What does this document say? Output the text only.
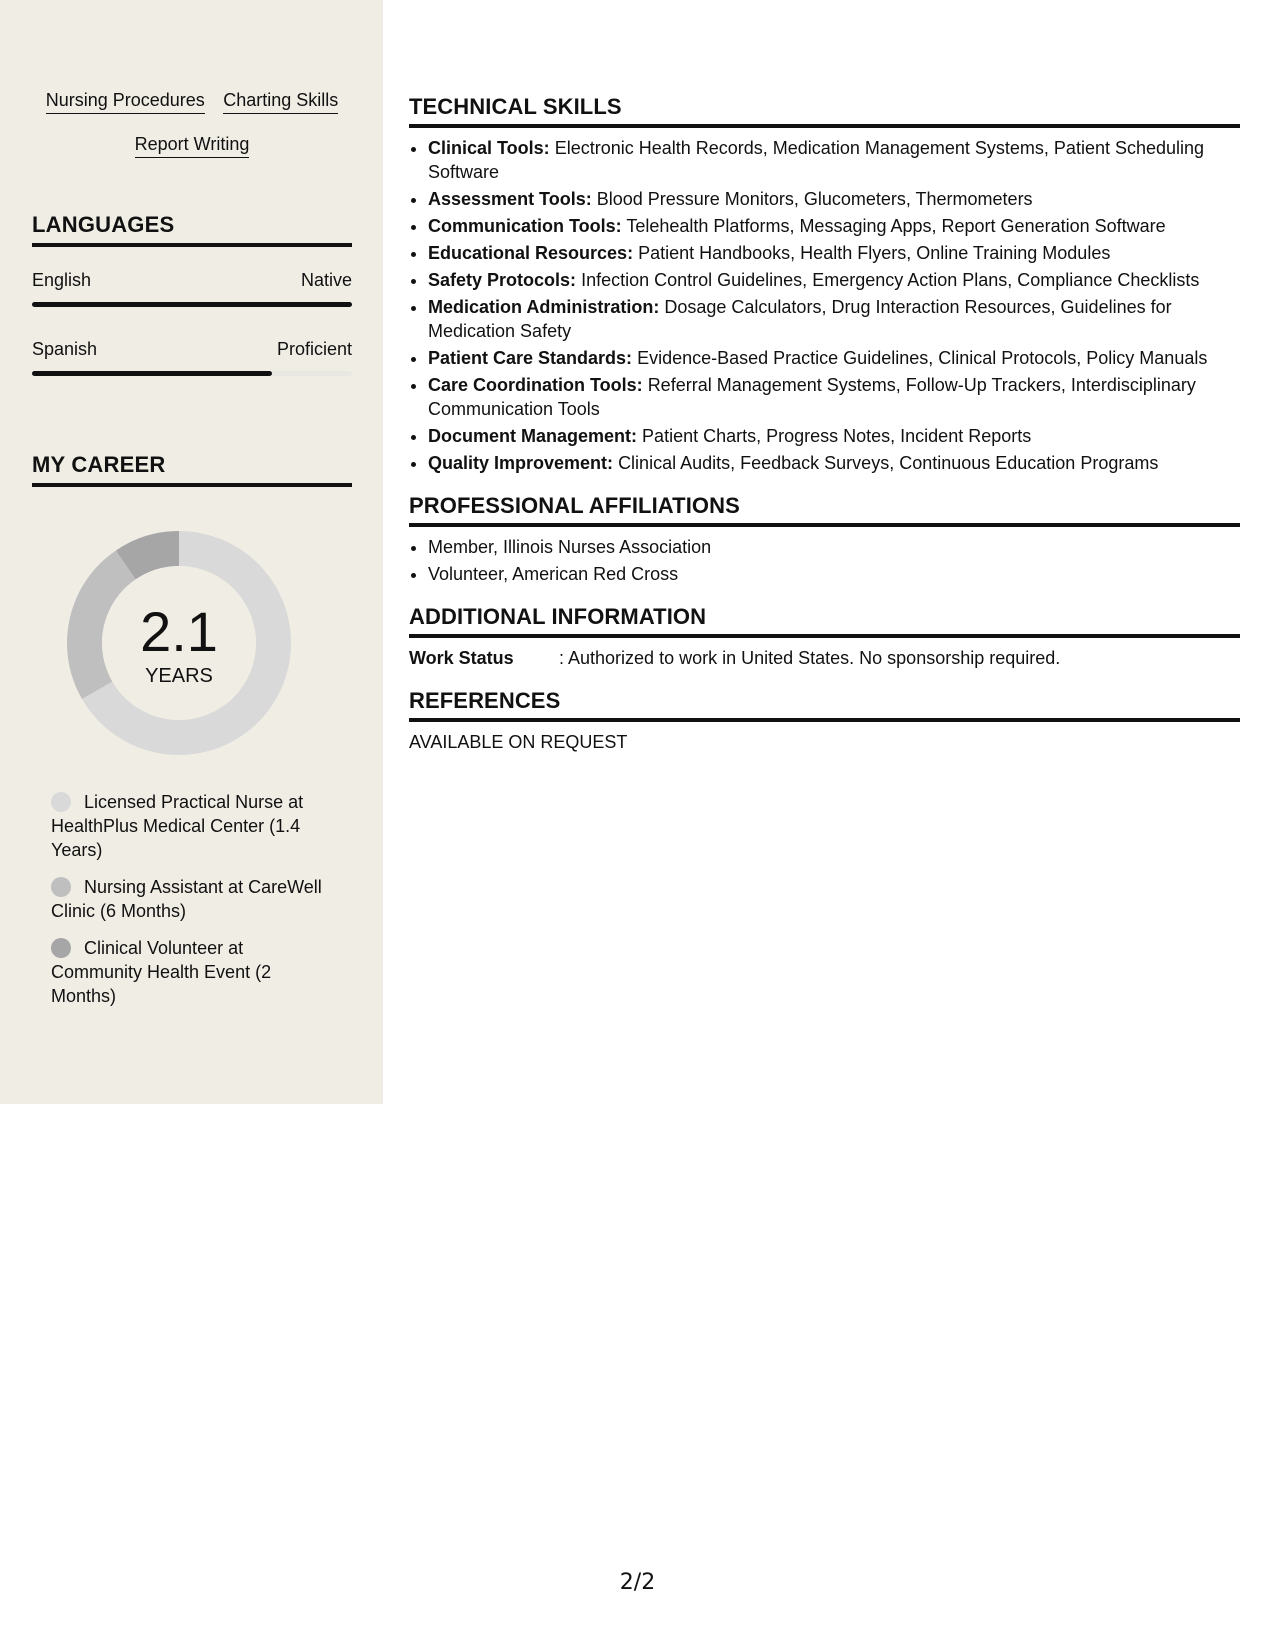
Nursing Procedures Charting Skills Report Writing
LANGUAGES
English	Native
Spanish	Proficient
MY CAREER
2.1
YEARS
Licensed Practical Nurse at HealthPlus Medical Center (1.4 Years)
Nursing Assistant at CareWell Clinic (6 Months)
Clinical Volunteer at Community Health Event (2 Months)
TECHNICAL SKILLS
• Clinical Tools: Electronic Health Records, Medication Management Systems, Patient Scheduling Software
• Assessment Tools: Blood Pressure Monitors, Glucometers, Thermometers
• Communication Tools: Telehealth Platforms, Messaging Apps, Report Generation Software
• Educational Resources: Patient Handbooks, Health Flyers, Online Training Modules
• Safety Protocols: Infection Control Guidelines, Emergency Action Plans, Compliance Checklists
• Medication Administration: Dosage Calculators, Drug Interaction Resources, Guidelines for Medication Safety
• Patient Care Standards: Evidence-Based Practice Guidelines, Clinical Protocols, Policy Manuals
• Care Coordination Tools: Referral Management Systems, Follow-Up Trackers, Interdisciplinary Communication Tools
• Document Management: Patient Charts, Progress Notes, Incident Reports
• Quality Improvement: Clinical Audits, Feedback Surveys, Continuous Education Programs
PROFESSIONAL AFFILIATIONS
• Member, Illinois Nurses Association
• Volunteer, American Red Cross
ADDITIONAL INFORMATION
Work Status	: Authorized to work in United States. No sponsorship required.
REFERENCES
AVAILABLE ON REQUEST
2/2
